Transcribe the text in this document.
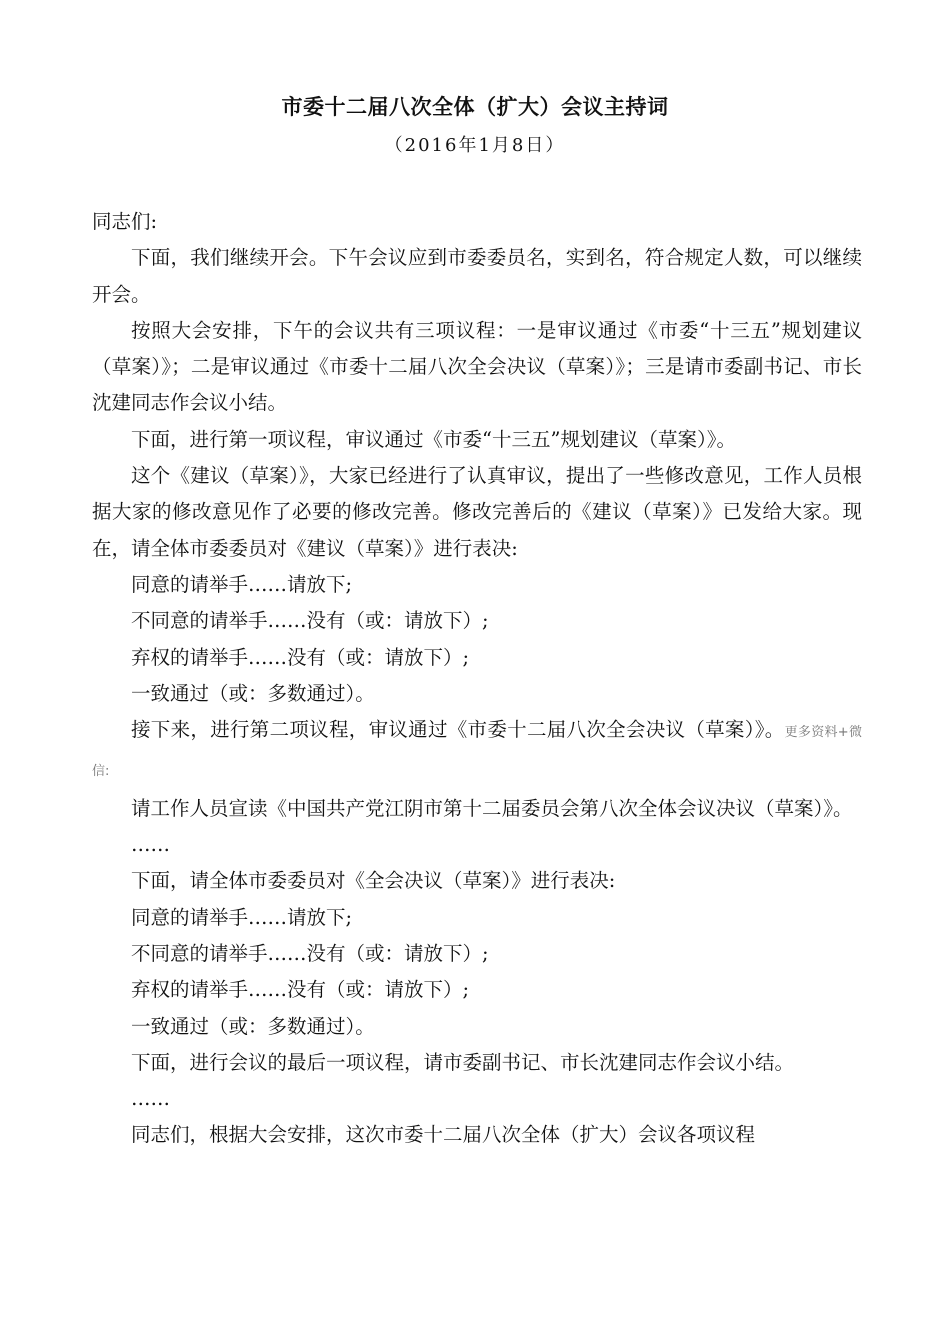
市委十二届八次全体（扩大）会议主持词
（2016年1月8日）

同志们:

下面，我们继续开会。下午会议应到市委委员名，实到名，符合规定人数，可以继续开会。

按照大会安排，下午的会议共有三项议程：一是审议通过《市委“十三五”规划建议（草案）》；二是审议通过《市委十二届八次全会决议（草案）》；三是请市委副书记、市长沈建同志作会议小结。

下面，进行第一项议程，审议通过《市委“十三五”规划建议（草案）》。

这个《建议（草案）》，大家已经进行了认真审议，提出了一些修改意见，工作人员根据大家的修改意见作了必要的修改完善。修改完善后的《建议（草案）》已发给大家。现在，请全体市委委员对《建议（草案）》进行表决:

同意的请举手……请放下;

不同意的请举手……没有（或：请放下）;

弃权的请举手……没有（或：请放下）;

一致通过（或：多数通过）。

接下来，进行第二项议程，审议通过《市委十二届八次全会决议（草案）》。更多资料+微信:

请工作人员宣读《中国共产党江阴市第十二届委员会第八次全体会议决议（草案）》。

……

下面，请全体市委委员对《全会决议（草案）》进行表决:

同意的请举手……请放下;

不同意的请举手……没有（或：请放下）;

弃权的请举手……没有（或：请放下）;

一致通过（或：多数通过）。

下面，进行会议的最后一项议程，请市委副书记、市长沈建同志作会议小结。

……

同志们，根据大会安排，这次市委十二届八次全体（扩大）会议各项议程
